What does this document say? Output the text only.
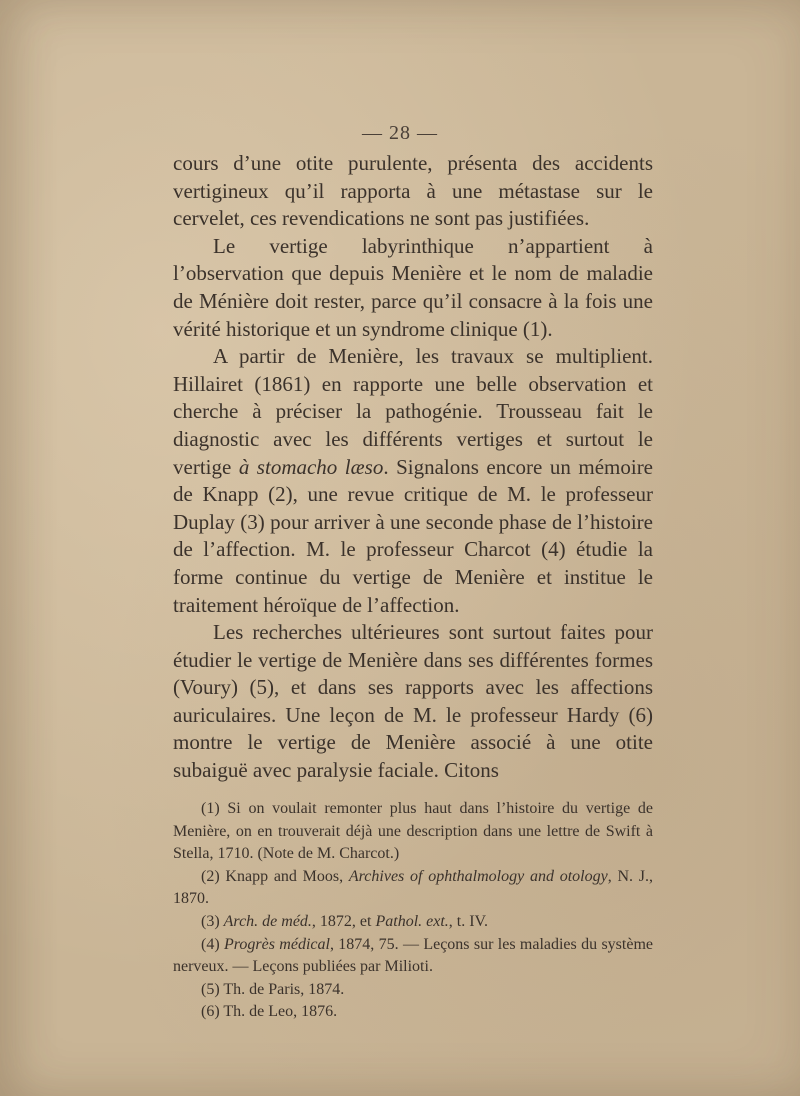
— 28 —

cours d’une otite purulente, présenta des accidents vertigineux qu’il rapporta à une métastase sur le cervelet, ces revendications ne sont pas justifiées.

Le vertige labyrinthique n’appartient à l’observation que depuis Menière et le nom de maladie de Ménière doit rester, parce qu’il consacre à la fois une vérité historique et un syndrome clinique (1).

A partir de Menière, les travaux se multiplient. Hillairet (1861) en rapporte une belle observation et cherche à préciser la pathogénie. Trousseau fait le diagnostic avec les différents vertiges et surtout le vertige à stomacho læso. Signalons encore un mémoire de Knapp (2), une revue critique de M. le professeur Duplay (3) pour arriver à une seconde phase de l’histoire de l’affection. M. le professeur Charcot (4) étudie la forme continue du vertige de Menière et institue le traitement héroïque de l’affection.

Les recherches ultérieures sont surtout faites pour étudier le vertige de Menière dans ses différentes formes (Voury) (5), et dans ses rapports avec les affections auriculaires. Une leçon de M. le professeur Hardy (6) montre le vertige de Menière associé à une otite subaiguë avec paralysie faciale. Citons

(1) Si on voulait remonter plus haut dans l’histoire du vertige de Menière, on en trouverait déjà une description dans une lettre de Swift à Stella, 1710. (Note de M. Charcot.)

(2) Knapp and Moos, Archives of ophthalmology and otology, N. J., 1870.

(3) Arch. de méd., 1872, et Pathol. ext., t. IV.

(4) Progrès médical, 1874, 75. — Leçons sur les maladies du système nerveux. — Leçons publiées par Milioti.

(5) Th. de Paris, 1874.

(6) Th. de Leo, 1876.
